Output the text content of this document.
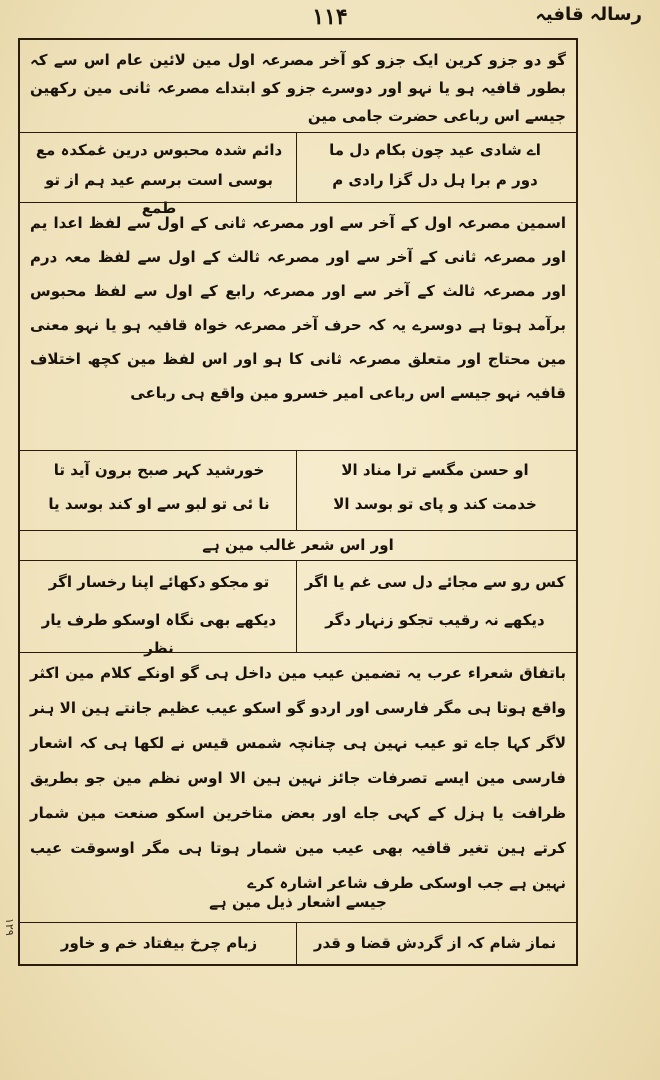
۱۱۴	رسالہ قافیہ
گو دو جزو کرین ایک جزو کو آخر مصرعہ اول مین لائین عام اس سے کہ بطور قافیہ ہو یا نہو اور دوسرے جزو کو ابتداے مصرعہ ثانی مین رکھین جیسے اس رباعی حضرت جامی مین
اے شادی عید چون بکام دل ما
دور م برا ہل دل گزا رادی م
دائم شدہ محبوس درین غمکدہ مع
بوسی است برسم عید ہم از تو طمع
اسمین مصرعہ اول کے آخر سے اور مصرعہ ثانی کے اول سے لفظ اعدا یم اور مصرعہ ثانی کے آخر سے اور مصرعہ ثالث کے اول سے لفظ معہ درم اور مصرعہ ثالث کے آخر سے اور مصرعہ رابع کے اول سے لفظ محبوس برآمد ہوتا ہے دوسرے یہ کہ حرف آخر مصرعہ خواہ قافیہ ہو یا نہو معنی مین محتاج اور متعلق مصرعہ ثانی کا ہو اور اس لفظ مین کچھ اختلاف قافیہ نہو جیسے اس رباعی امیر خسرو مین واقع ہی رباعی
او حسن مگسے ترا مناد الا
خدمت کند و پای تو بوسد الا
خورشید کہر صبح برون آید تا
نا ئی تو لبو سے او کند بوسد یا
اور اس شعر غالب مین ہے
کس رو سے مجائے دل سی غم یا اگر
دیکھے نہ رقیب تجکو زنہار دگر
تو مجکو دکھائے اپنا رخسار اگر
دیکھے بھی نگاہ اوسکو طرف یار نظر
باتفاق شعراء عرب یہ تضمین عیب مین داخل ہی گو اونکے کلام مین اکثر واقع ہوتا ہی مگر فارسی اور اردو گو اسکو عیب عظیم جانتے ہین الا ہنر لاگر کہا جاے تو عیب نہین ہی چنانچہ شمس قیس نے لکھا ہی کہ اشعار فارسی مین ایسے تصرفات جائز نہین ہین الا اوس نظم مین جو بطریق ظرافت یا ہزل کے کہی جاے اور بعض متاخرین اسکو صنعت مین شمار کرتے ہین تغیر قافیہ بھی عیب مین شمار ہوتا ہی مگر اوسوقت عیب نہین ہے جب اوسکی طرف شاعر اشارہ کرے
جیسے اشعار ذیل مین ہے
نماز شام کہ از گردش قضا و قدر
زبام چرخ بیفتاد خم و خاور
۱۲۹
